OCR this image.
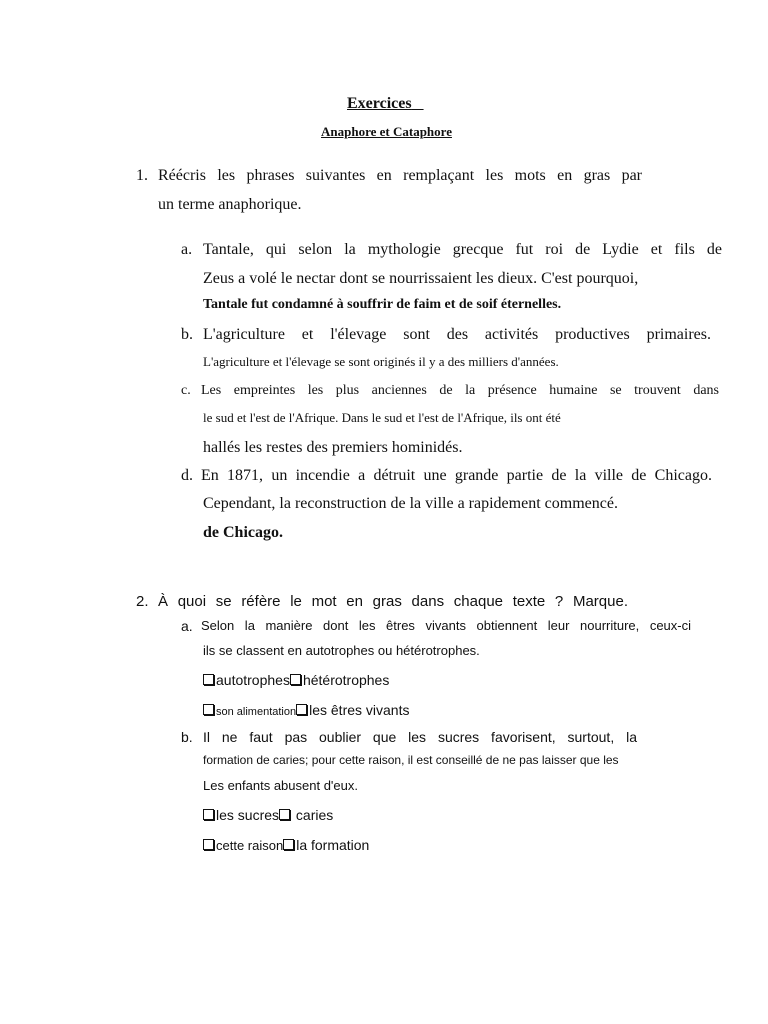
Exercices
Anaphore et Cataphore
1. Réécris les phrases suivantes en remplaçant les mots en gras par
un terme anaphorique.
a. Tantale, qui selon la mythologie grecque fut roi de Lydie et fils de
Zeus a volé le nectar dont se nourrissaient les dieux. C'est pourquoi,
Tantale fut condamné à souffrir de faim et de soif éternelles.
b. L'agriculture et l'élevage sont des activités productives primaires.
L'agriculture et l'élevage se sont originés il y a des milliers d'années.
c. Les empreintes les plus anciennes de la présence humaine se trouvent dans
le sud et l'est de l'Afrique. Dans le sud et l'est de l'Afrique, ils ont été
hallés les restes des premiers hominidés.
d. En 1871, un incendie a détruit une grande partie de la ville de Chicago.
Cependant, la reconstruction de la ville a rapidement commencé.
de Chicago.
2. À quoi se réfère le mot en gras dans chaque texte ? Marque.
a. Selon la manière dont les êtres vivants obtiennent leur nourriture, ceux-ci
ils se classent en autotrophes ou hétérotrophes.
autotrophes hétérotrophes
son alimentation les êtres vivants
b. Il ne faut pas oublier que les sucres favorisent, surtout, la
formation de caries; pour cette raison, il est conseillé de ne pas laisser que les
Les enfants abusent d'eux.
les sucres caries
cette raison la formation
